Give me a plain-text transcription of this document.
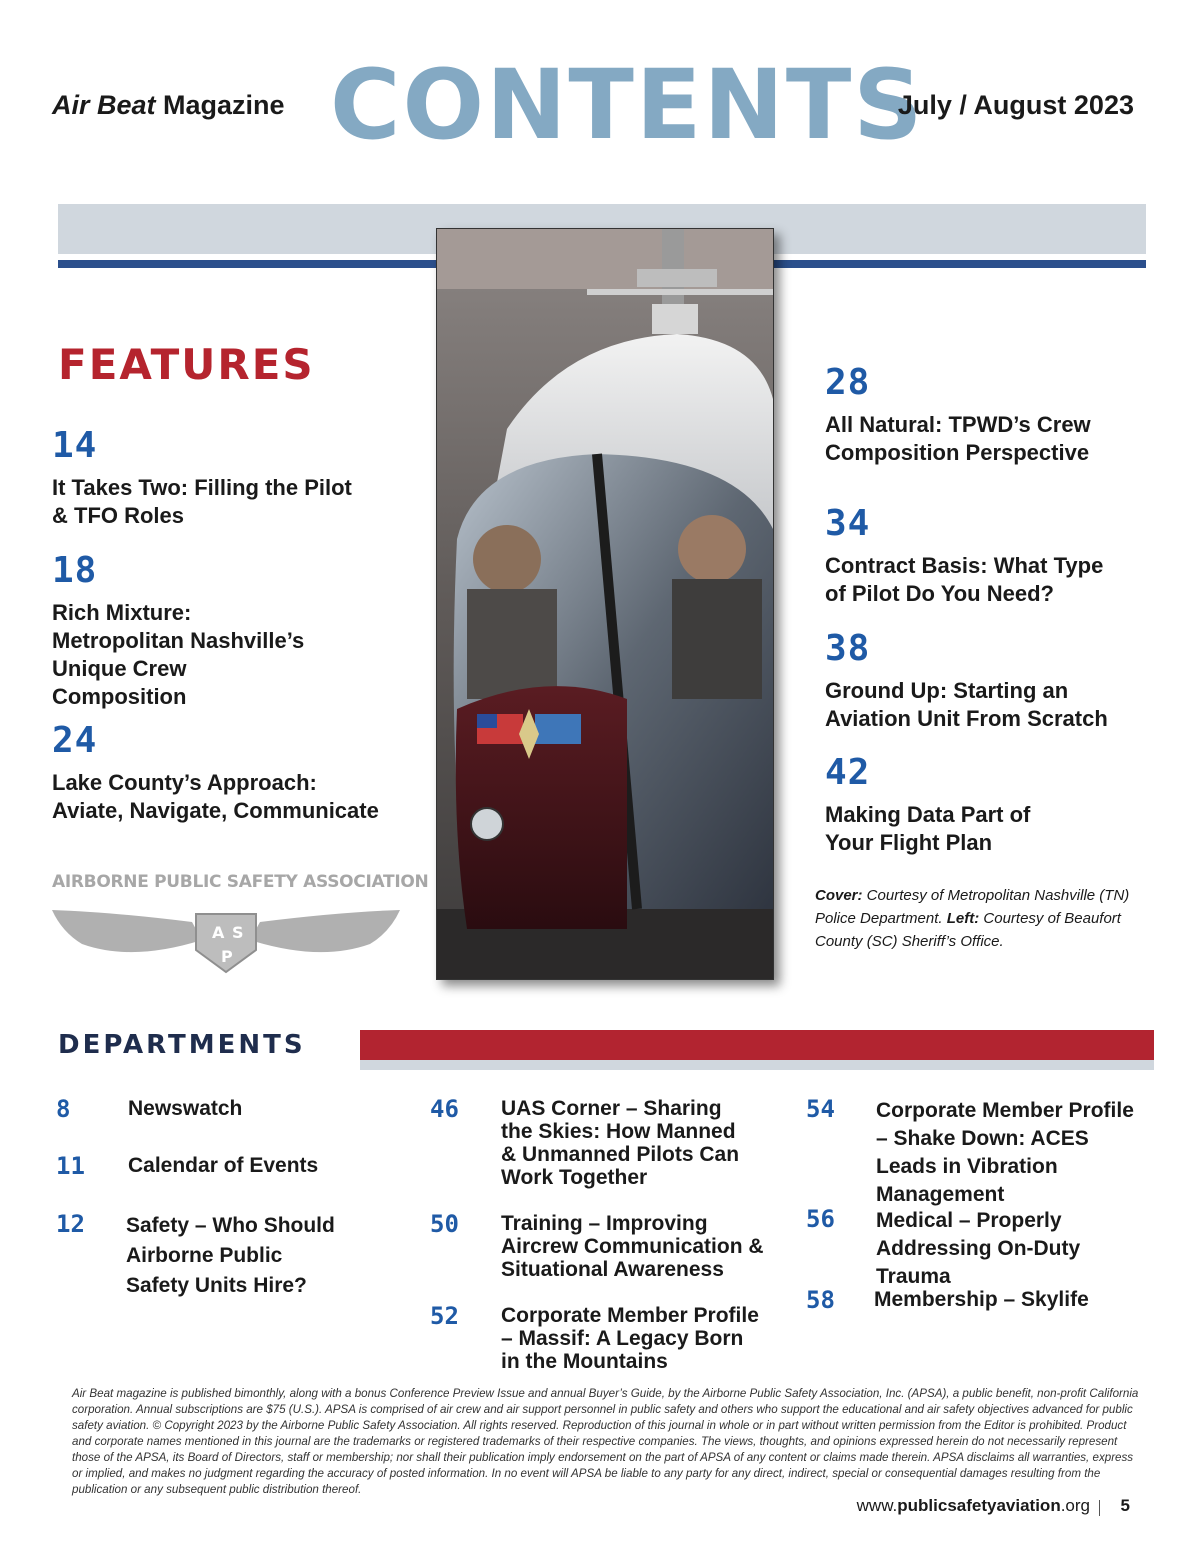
Air Beat Magazine CONTENTS
July / August 2023
FEATURES
14
It Takes Two: Filling the Pilot & TFO Roles
18
Rich Mixture: Metropolitan Nashville’s Unique Crew Composition
24
Lake County’s Approach: Aviate, Navigate, Communicate
28
All Natural: TPWD’s Crew Composition Perspective
34
Contract Basis: What Type of Pilot Do You Need?
38
Ground Up: Starting an Aviation Unit From Scratch
42
Making Data Part of Your Flight Plan
AIRBORNE PUBLIC SAFETY ASSOCIATION
A S
P
Cover: Courtesy of Metropolitan Nashville (TN) Police Department. Left: Courtesy of Beaufort County (SC) Sheriff’s Office.
DEPARTMENTS
8	Newswatch
11 Calendar of Events
12 Safety – Who Should Airborne Public Safety Units Hire?
46 UAS Corner – Sharing the Skies: How Manned & Unmanned Pilots Can Work Together
50 Training – Improving Aircrew Communication & Situational Awareness
52 Corporate Member Profile – Massif: A Legacy Born in the Mountains
54 Corporate Member Profile – Shake Down: ACES Leads in Vibration Management
56 Medical – Properly Addressing On-Duty Trauma
58 Membership – Skylife
Air Beat magazine is published bimonthly, along with a bonus Conference Preview Issue and annual Buyer’s Guide, by the Airborne Public Safety Association, Inc. (APSA), a public benefit, non-profit California corporation. Annual subscriptions are $75 (U.S.). APSA is comprised of air crew and air support personnel in public safety and others who support the educational and air safety objectives advanced for public safety aviation. © Copyright 2023 by the Airborne Public Safety Association. All rights reserved. Reproduction of this journal in whole or in part without written permission from the Editor is prohibited. Product and corporate names mentioned in this journal are the trademarks or registered trademarks of their respective companies. The views, thoughts, and opinions expressed herein do not necessarily represent those of the APSA, its Board of Directors, staff or membership; nor shall their publication imply endorsement on the part of APSA of any content or claims made therein. APSA disclaims all warranties, express or implied, and makes no judgment regarding the accuracy of posted information. In no event will APSA be liable to any party for any direct, indirect, special or consequential damages resulting from the publication or any subsequent public distribution thereof.
www.publicsafetyaviation.org 5
